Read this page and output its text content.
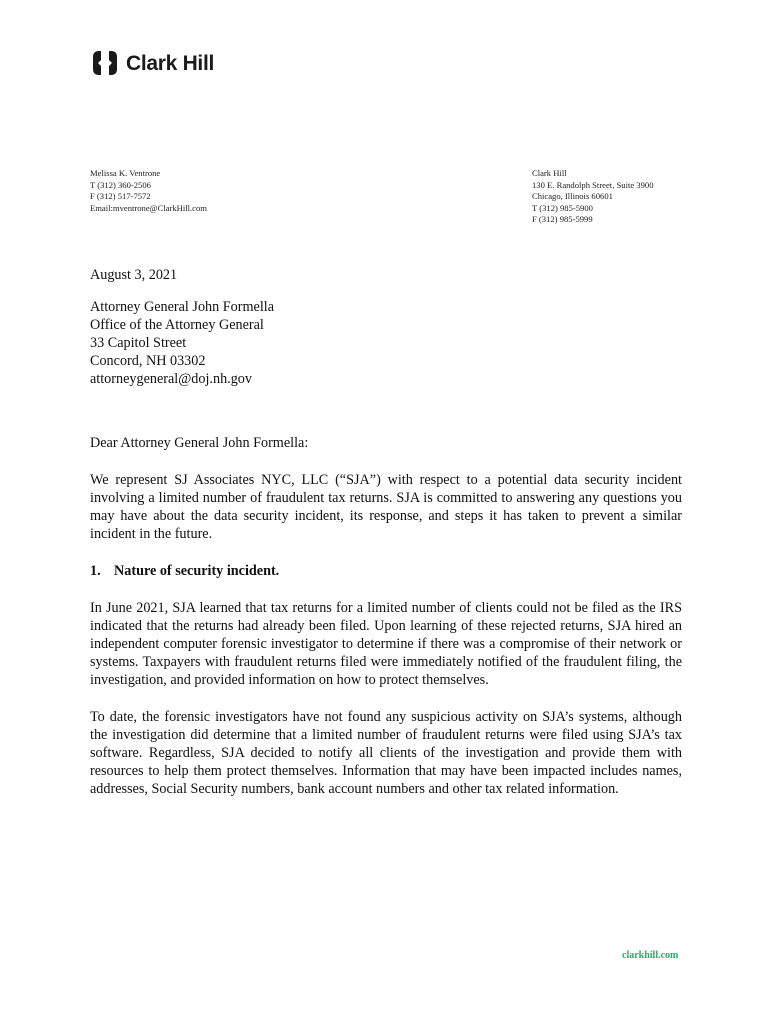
Clark Hill
Melissa K. Ventrone
T (312) 360-2506
F (312) 517-7572
Email:mventrone@ClarkHill.com
Clark Hill
130 E. Randolph Street, Suite 3900
Chicago, Illinois 60601
T (312) 985-5900
F (312) 985-5999
August 3, 2021
Attorney General John Formella
Office of the Attorney General
33 Capitol Street
Concord, NH 03302
attorneygeneral@doj.nh.gov
Dear Attorney General John Formella:

We represent SJ Associates NYC, LLC (“SJA”) with respect to a potential data security incident involving a limited number of fraudulent tax returns. SJA is committed to answering any questions you may have about the data security incident, its response, and steps it has taken to prevent a similar incident in the future.

1. Nature of security incident.

In June 2021, SJA learned that tax returns for a limited number of clients could not be filed as the IRS indicated that the returns had already been filed. Upon learning of these rejected returns, SJA hired an independent computer forensic investigator to determine if there was a compromise of their network or systems. Taxpayers with fraudulent returns filed were immediately notified of the fraudulent filing, the investigation, and provided information on how to protect themselves.

To date, the forensic investigators have not found any suspicious activity on SJA’s systems, although the investigation did determine that a limited number of fraudulent returns were filed using SJA’s tax software. Regardless, SJA decided to notify all clients of the investigation and provide them with resources to help them protect themselves. Information that may have been impacted includes names, addresses, Social Security numbers, bank account numbers and other tax related information.

clarkhill.com
